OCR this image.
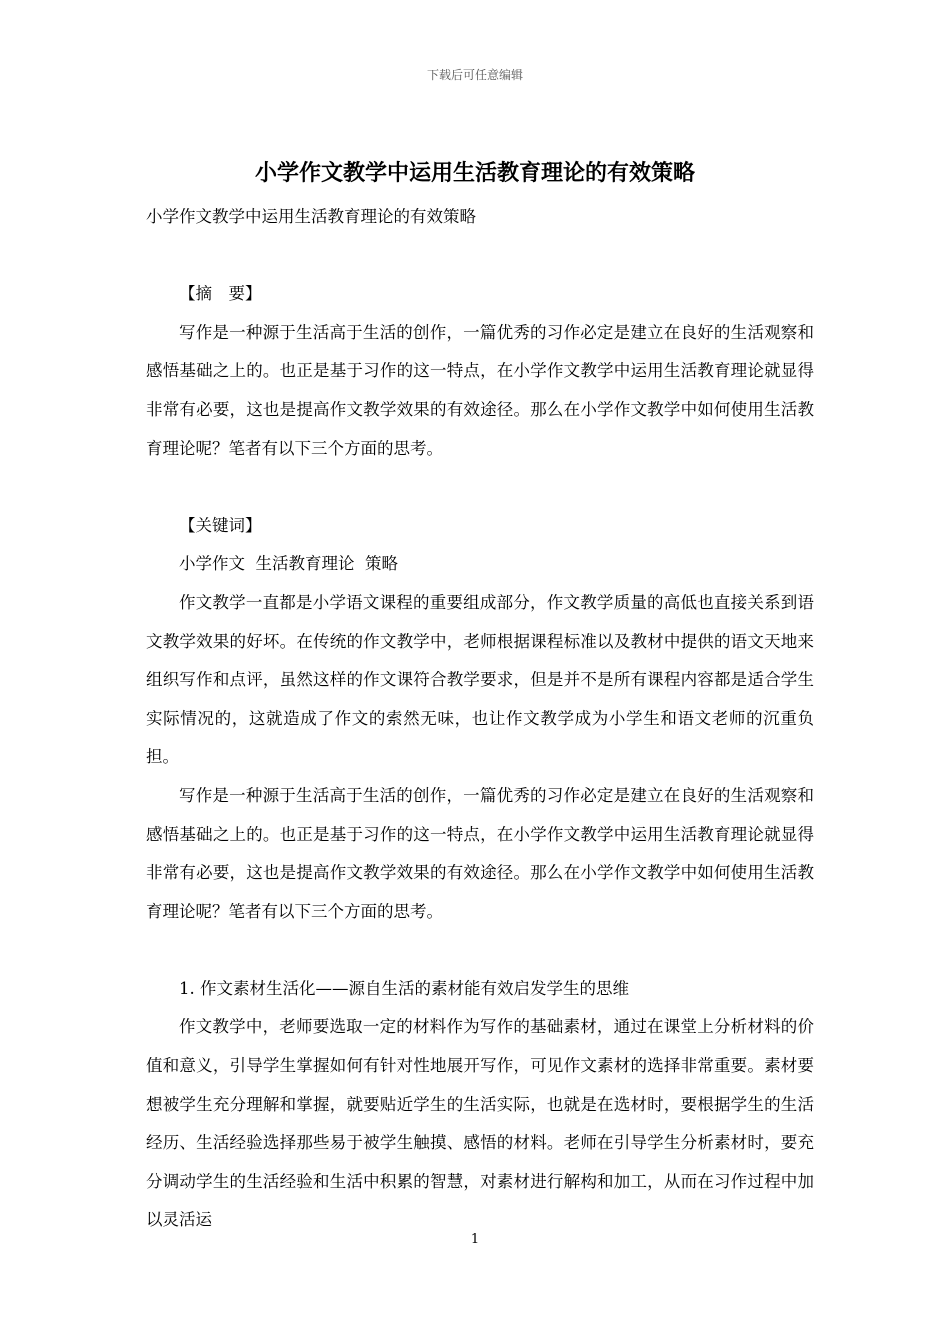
下载后可任意编辑
小学作文教学中运用生活教育理论的有效策略

小学作文教学中运用生活教育理论的有效策略

【摘　要】

写作是一种源于生活高于生活的创作，一篇优秀的习作必定是建立在良好的生活观察和感悟基础之上的。也正是基于习作的这一特点，在小学作文教学中运用生活教育理论就显得非常有必要，这也是提高作文教学效果的有效途径。那么在小学作文教学中如何使用生活教育理论呢？笔者有以下三个方面的思考。

【关键词】

小学作文  生活教育理论  策略

作文教学一直都是小学语文课程的重要组成部分，作文教学质量的高低也直接关系到语文教学效果的好坏。在传统的作文教学中，老师根据课程标准以及教材中提供的语文天地来组织写作和点评，虽然这样的作文课符合教学要求，但是并不是所有课程内容都是适合学生实际情况的，这就造成了作文的索然无味，也让作文教学成为小学生和语文老师的沉重负担。

写作是一种源于生活高于生活的创作，一篇优秀的习作必定是建立在良好的生活观察和感悟基础之上的。也正是基于习作的这一特点，在小学作文教学中运用生活教育理论就显得非常有必要，这也是提高作文教学效果的有效途径。那么在小学作文教学中如何使用生活教育理论呢？笔者有以下三个方面的思考。

1. 作文素材生活化——源自生活的素材能有效启发学生的思维

作文教学中，老师要选取一定的材料作为写作的基础素材，通过在课堂上分析材料的价值和意义，引导学生掌握如何有针对性地展开写作，可见作文素材的选择非常重要。素材要想被学生充分理解和掌握，就要贴近学生的生活实际，也就是在选材时，要根据学生的生活经历、生活经验选择那些易于被学生触摸、感悟的材料。老师在引导学生分析素材时，要充分调动学生的生活经验和生活中积累的智慧，对素材进行解构和加工，从而在习作过程中加以灵活运

1
